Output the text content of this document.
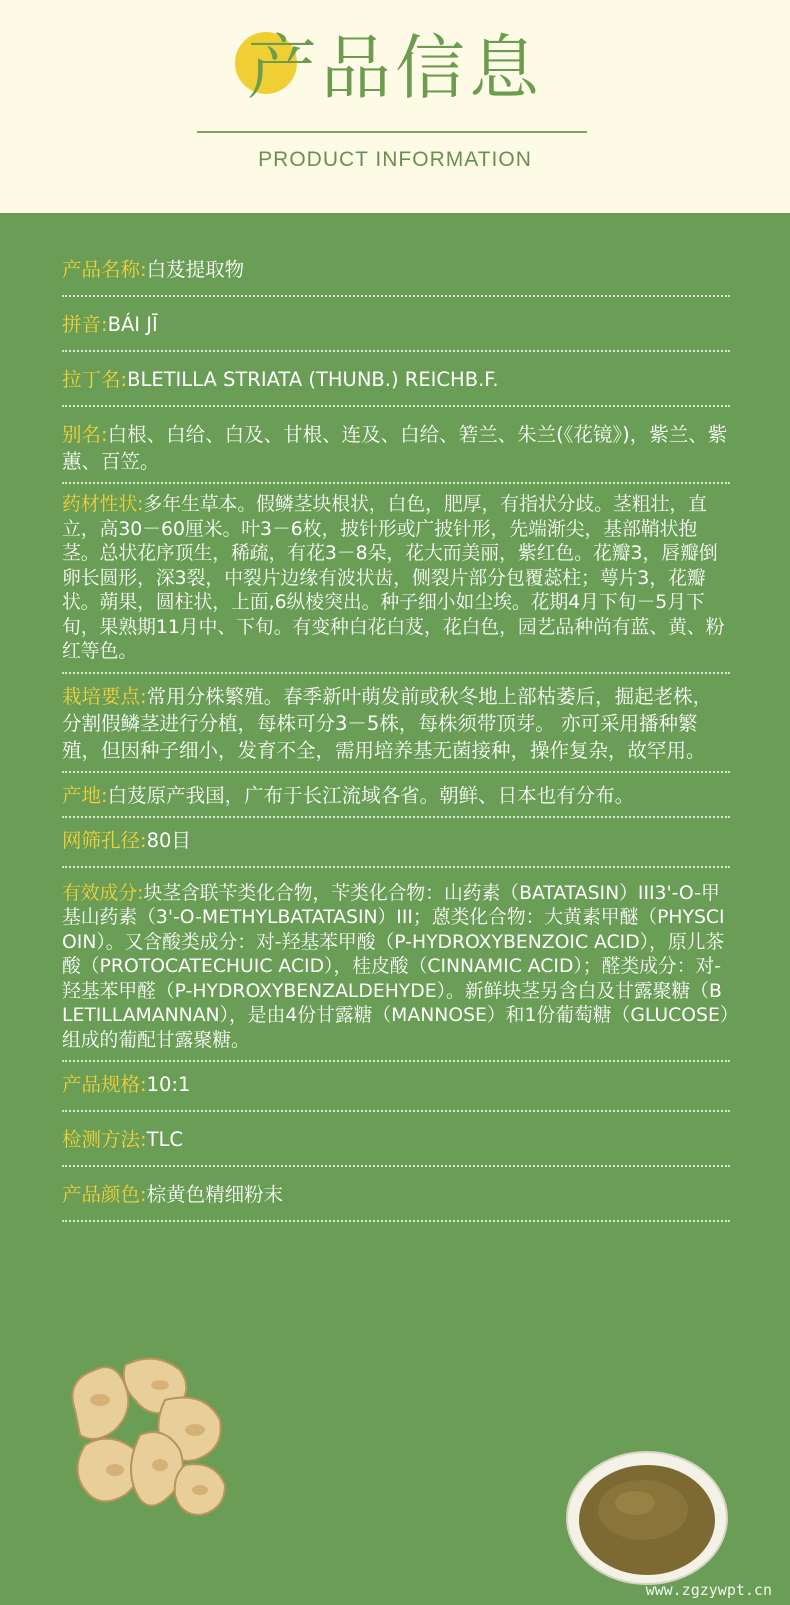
产品信息
PRODUCT INFORMATION
产品名称:白芨提取物
拼音:BÁI JĪ
拉丁名:BLETILLA STRIATA (THUNB.) REICHB.F.
别名:白根、白给、白及、甘根、连及、白给、箬兰、朱兰(《花镜》)，紫兰、紫蕙、百笠。
药材性状:多年生草本。假鳞茎块根状，白色，肥厚，有指状分歧。茎粗壮，直立，高30－60厘米。叶3－6枚，披针形或广披针形，先端渐尖，基部鞘状抱茎。总状花序顶生，稀疏，有花3－8朵，花大而美丽，紫红色。花瓣3，唇瓣倒卵长圆形，深3裂，中裂片边缘有波状齿，侧裂片部分包覆蕊柱；萼片3，花瓣状。蒴果，圆柱状，上面,6纵棱突出。种子细小如尘埃。花期4月下旬－5月下旬，果熟期11月中、下旬。有变种白花白芨，花白色，园艺品种尚有蓝、黄、粉红等色。
栽培要点:常用分株繁殖。春季新叶萌发前或秋冬地上部枯萎后，掘起老株，分割假鳞茎进行分植，每株可分3－5株，每株须带顶芽。 亦可采用播种繁殖，但因种子细小，发育不全，需用培养基无菌接种，操作复杂，故罕用。
产地:白芨原产我国，广布于长江流域各省。朝鲜、日本也有分布。
网筛孔径:80目
有效成分:块茎含联苄类化合物，苄类化合物：山药素（BATATASIN）III3'-O-甲基山药素（3'-O-METHYLBATATASIN）III；蒽类化合物：大黄素甲醚（PHYSCIOIN）。又含酸类成分：对-羟基苯甲酸（P-HYDROXYBENZOIC ACID），原儿茶酸（PROTOCATECHUIC ACID），桂皮酸（CINNAMIC ACID）；醛类成分：对-羟基苯甲醛（P-HYDROXYBENZALDEHYDE）。新鲜块茎另含白及甘露聚糖（BLETILLAMANNAN），是由4份甘露糖（MANNOSE）和1份葡萄糖（GLUCOSE）组成的葡配甘露聚糖。
产品规格:10:1
检测方法:TLC
产品颜色:棕黄色精细粉末
www.zgzywpt.cn
